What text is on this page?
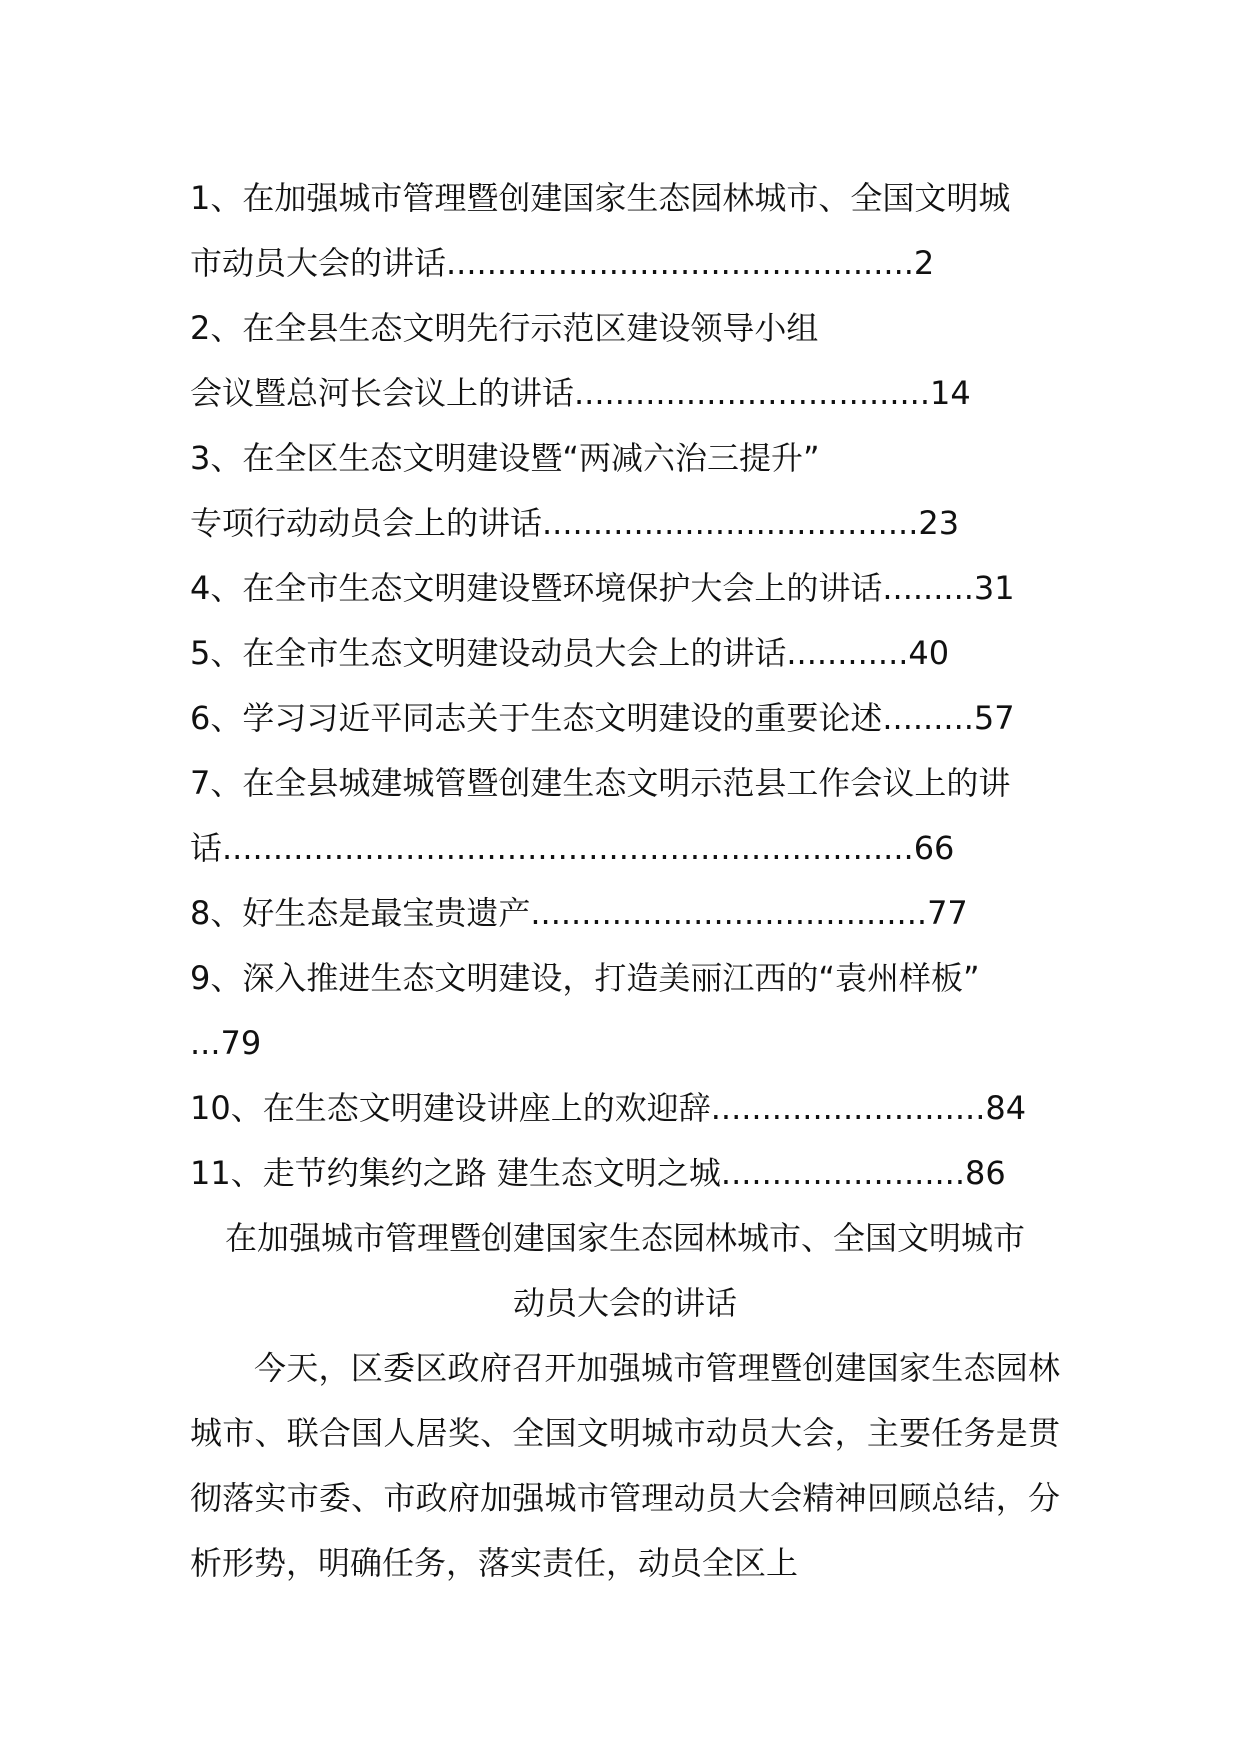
1、在加强城市管理暨创建国家生态园林城市、全国文明城
市动员大会的讲话..............................................2
2、在全县生态文明先行示范区建设领导小组
会议暨总河长会议上的讲话...................................14
3、在全区生态文明建设暨“两减六治三提升”
专项行动动员会上的讲话.....................................23
4、在全市生态文明建设暨环境保护大会上的讲话.........31
5、在全市生态文明建设动员大会上的讲话............40
6、学习习近平同志关于生态文明建设的重要论述.........57
7、在全县城建城管暨创建生态文明示范县工作会议上的讲
话....................................................................66
8、好生态是最宝贵遗产.......................................77
9、深入推进生态文明建设，打造美丽江西的“袁州样板”
...79
10、在生态文明建设讲座上的欢迎辞...........................84
11、走节约集约之路 建生态文明之城........................86
在加强城市管理暨创建国家生态园林城市、全国文明城市
动员大会的讲话

今天，区委区政府召开加强城市管理暨创建国家生态园林城市、联合国人居奖、全国文明城市动员大会，主要任务是贯彻落实市委、市政府加强城市管理动员大会精神回顾总结，分析形势，明确任务，落实责任，动员全区上
